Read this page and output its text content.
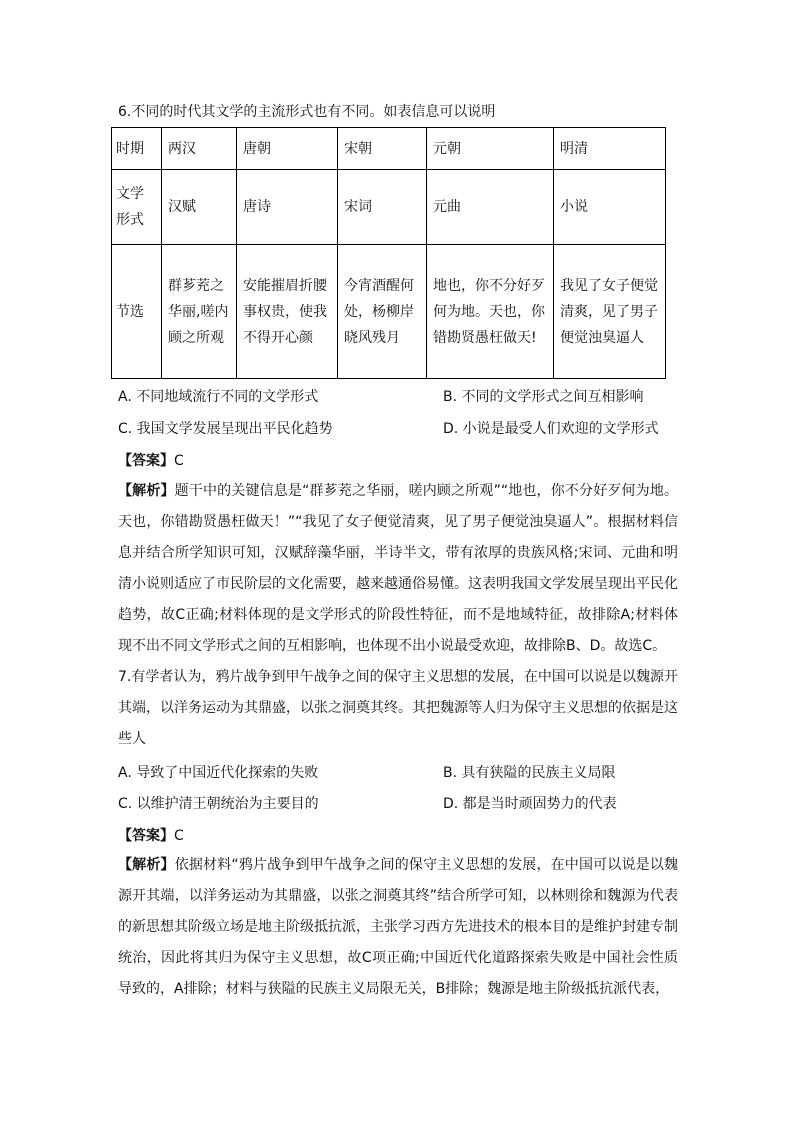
6.不同的时代其文学的主流形式也有不同。如表信息可以说明
时期	两汉	唐朝	宋朝	元朝	明清
文学形式	汉赋	唐诗	宋词	元曲	小说
节选	群芗茺之华丽,嗟内顾之所观	安能摧眉折腰事权贵，使我不得开心颜	今宵酒醒何处，杨柳岸晓风残月	地也，你不分好歹何为地。天也，你错勘贤愚枉做天!	我见了女子便觉清爽，见了男子便觉浊臭逼人
A. 不同地域流行不同的文学形式	B. 不同的文学形式之间互相影响
C. 我国文学发展呈现出平民化趋势	D. 小说是最受人们欢迎的文学形式
【答案】C
【解析】题干中的关键信息是“群芗茺之华丽，嗟内顾之所观”“地也，你不分好歹何为地。天也，你错勘贤愚枉做天！”“我见了女子便觉清爽，见了男子便觉浊臭逼人”。根据材料信息并结合所学知识可知，汉赋辞藻华丽，半诗半文，带有浓厚的贵族风格;宋词、元曲和明清小说则适应了市民阶层的文化需要，越来越通俗易懂。这表明我国文学发展呈现出平民化趋势，故C正确;材料体现的是文学形式的阶段性特征，而不是地域特征，故排除A;材料体现不出不同文学形式之间的互相影响，也体现不出小说最受欢迎，故排除B、D。故选C。
7.有学者认为，鸦片战争到甲午战争之间的保守主义思想的发展，在中国可以说是以魏源开其端，以洋务运动为其鼎盛，以张之洞奠其终。其把魏源等人归为保守主义思想的依据是这些人
A. 导致了中国近代化探索的失败	B. 具有狭隘的民族主义局限
C. 以维护清王朝统治为主要目的	D. 都是当时顽固势力的代表
【答案】C
【解析】依据材料“鸦片战争到甲午战争之间的保守主义思想的发展，在中国可以说是以魏源开其端，以洋务运动为其鼎盛，以张之洞奠其终”结合所学可知，以林则徐和魏源为代表的新思想其阶级立场是地主阶级抵抗派，主张学习西方先进技术的根本目的是维护封建专制统治，因此将其归为保守主义思想，故C项正确;中国近代化道路探索失败是中国社会性质导致的，A排除；材料与狭隘的民族主义局限无关，B排除；魏源是地主阶级抵抗派代表，
